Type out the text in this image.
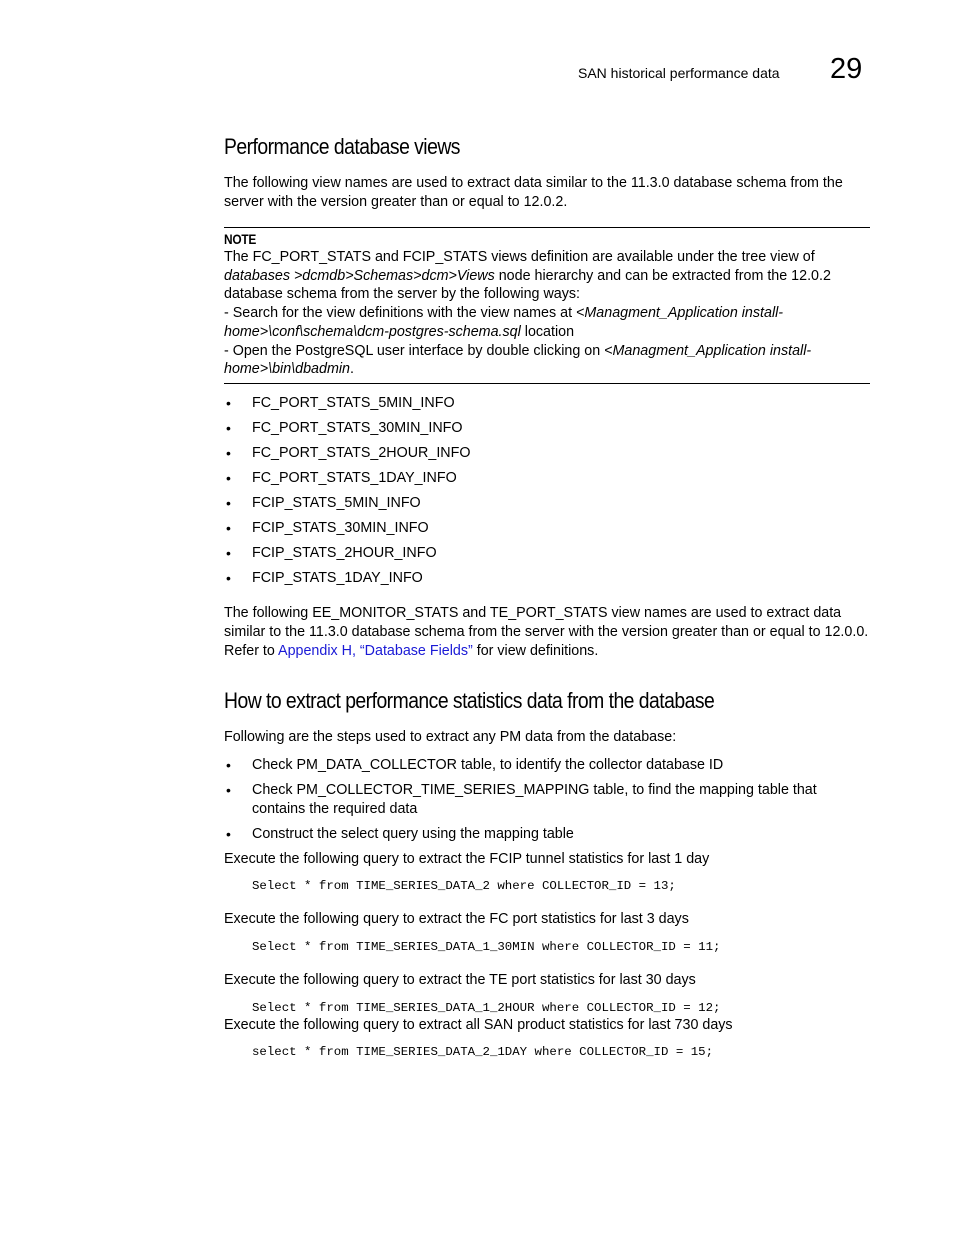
SAN historical performance data 29
Performance database views
The following view names are used to extract data similar to the 11.3.0 database schema from the server with the version greater than or equal to 12.0.2.
NOTE
The FC_PORT_STATS and FCIP_STATS views definition are available under the tree view of databases >dcmdb>Schemas>dcm>Views node hierarchy and can be extracted from the 12.0.2 database schema from the server by the following ways:
- Search for the view definitions with the view names at <Managment_Application install-home>\conf\schema\dcm-postgres-schema.sql location
- Open the PostgreSQL user interface by double clicking on <Managment_Application install-home>\bin\dbadmin.
• FC_PORT_STATS_5MIN_INFO
• FC_PORT_STATS_30MIN_INFO
• FC_PORT_STATS_2HOUR_INFO
• FC_PORT_STATS_1DAY_INFO
• FCIP_STATS_5MIN_INFO
• FCIP_STATS_30MIN_INFO
• FCIP_STATS_2HOUR_INFO
• FCIP_STATS_1DAY_INFO
The following EE_MONITOR_STATS and TE_PORT_STATS view names are used to extract data similar to the 11.3.0 database schema from the server with the version greater than or equal to 12.0.0. Refer to Appendix H, “Database Fields” for view definitions.
How to extract performance statistics data from the database
Following are the steps used to extract any PM data from the database:
• Check PM_DATA_COLLECTOR table, to identify the collector database ID
• Check PM_COLLECTOR_TIME_SERIES_MAPPING table, to find the mapping table that contains the required data
• Construct the select query using the mapping table
Execute the following query to extract the FCIP tunnel statistics for last 1 day
Select * from TIME_SERIES_DATA_2 where COLLECTOR_ID = 13;
Execute the following query to extract the FC port statistics for last 3 days
Select * from TIME_SERIES_DATA_1_30MIN where COLLECTOR_ID = 11;
Execute the following query to extract the TE port statistics for last 30 days
Select * from TIME_SERIES_DATA_1_2HOUR where COLLECTOR_ID = 12;
Execute the following query to extract all SAN product statistics for last 730 days
select * from TIME_SERIES_DATA_2_1DAY where COLLECTOR_ID = 15;
